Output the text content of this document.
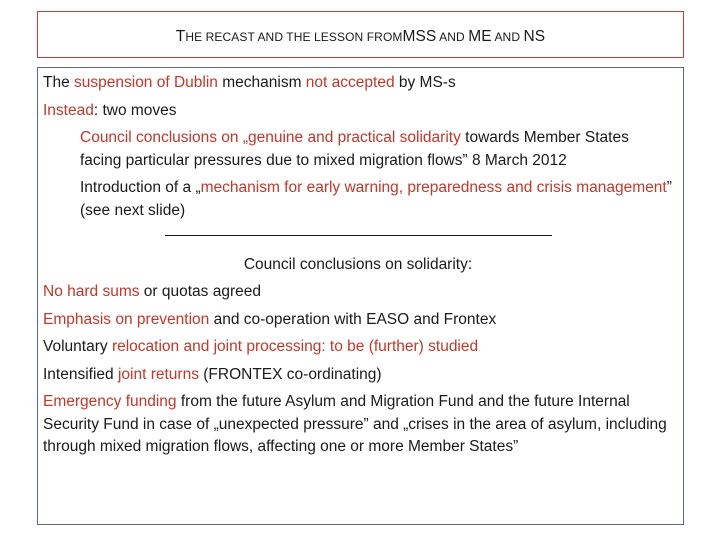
THE RECAST AND THE LESSON FROMMSS AND ME AND NS

The suspension of Dublin mechanism not accepted by MS-s

Instead: two moves

Council conclusions on „genuine and practical solidarity towards Member States facing particular pressures due to mixed migration flows” 8 March 2012

Introduction of a „mechanism for early warning, preparedness and crisis management” (see next slide)

Council conclusions on solidarity:

No hard sums or quotas agreed

Emphasis on prevention and co-operation with EASO and Frontex

Voluntary relocation and joint processing: to be (further) studied

Intensified joint returns (FRONTEX co-ordinating)

Emergency funding from the future Asylum and Migration Fund and the future Internal Security Fund in case of „unexpected pressure” and „crises in the area of asylum, including through mixed migration flows, affecting one or more Member States”
